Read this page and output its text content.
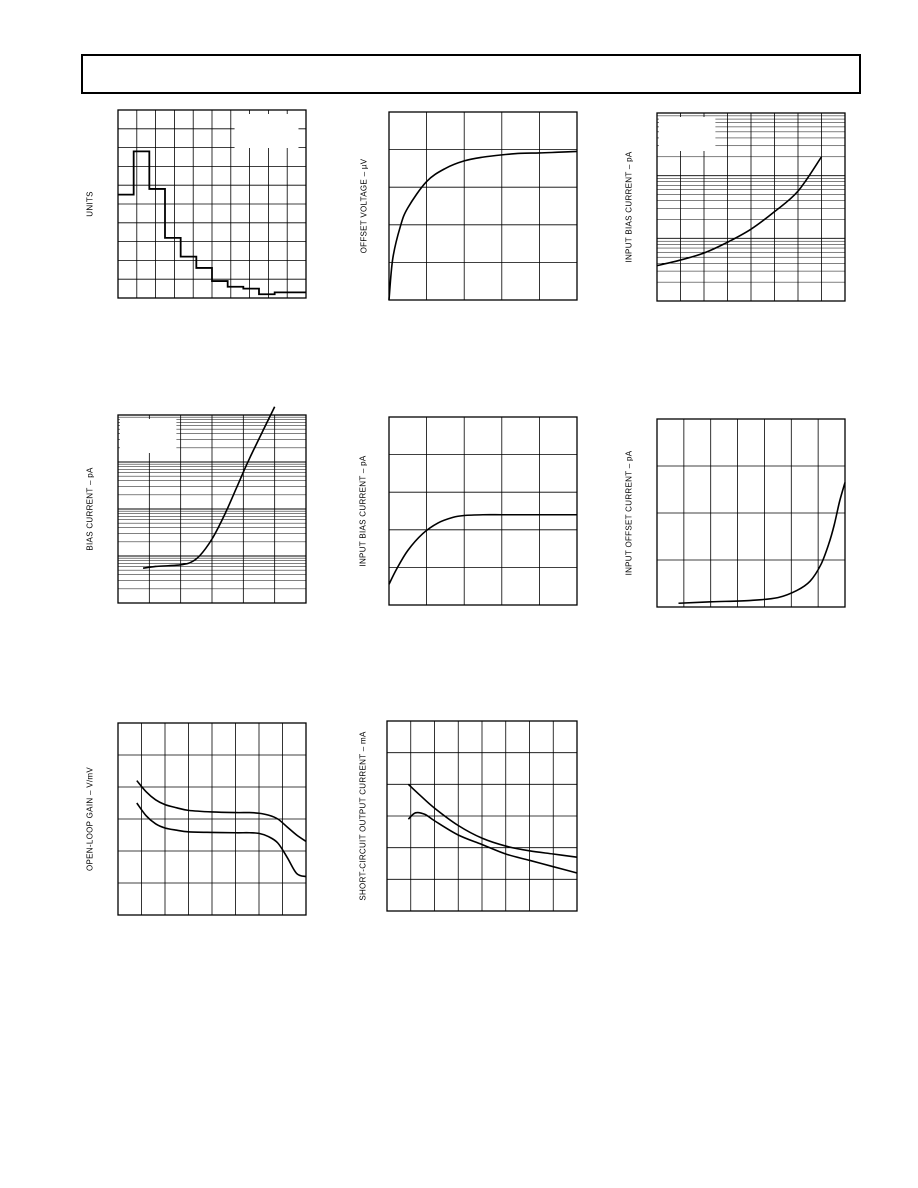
UNITS	OFFSET VOLTAGE – µV	INPUT BIAS CURRENT – pA
BIAS CURRENT – pA	INPUT BIAS CURRENT – pA	INPUT OFFSET CURRENT – pA
OPEN-LOOP GAIN – V/mV	SHORT-CIRCUIT OUTPUT CURRENT – mA
